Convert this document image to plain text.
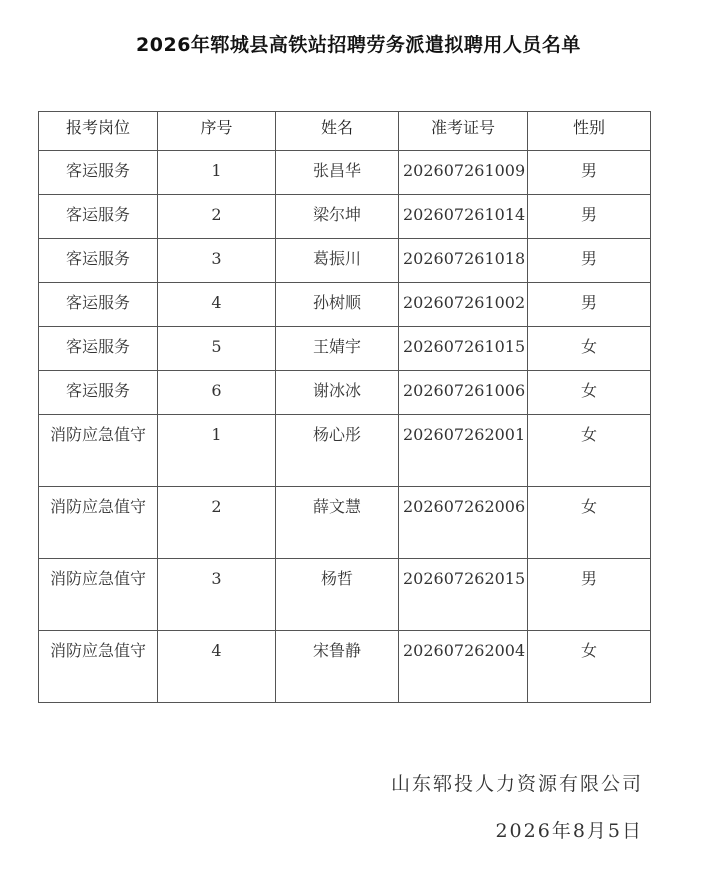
2026年郓城县高铁站招聘劳务派遣拟聘用人员名单
报考岗位	序号	姓名	准考证号	性别
客运服务	1	张昌华	202607261009	男
客运服务	2	梁尔坤	202607261014	男
客运服务	3	葛振川	202607261018	男
客运服务	4	孙树顺	202607261002	男
客运服务	5	王婧宇	202607261015	女
客运服务	6	谢冰冰	202607261006	女
消防应急值守	1	杨心彤	202607262001	女
消防应急值守	2	薛文慧	202607262006	女
消防应急值守	3	杨哲	202607262015	男
消防应急值守	4	宋鲁静	202607262004	女
山东郓投人力资源有限公司
2026年8月5日
